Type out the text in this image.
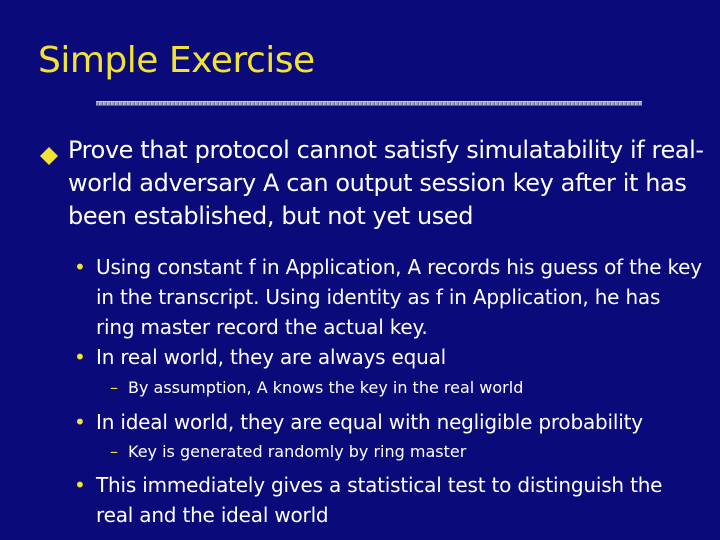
Simple Exercise
Prove that protocol cannot satisfy simulatability if real-world adversary A can output session key after it has been established, but not yet used
• Using constant f in Application, A records his guess of the key in the transcript. Using identity as f in Application, he has ring master record the actual key.
• In real world, they are always equal
– By assumption, A knows the key in the real world
• In ideal world, they are equal with negligible probability
– Key is generated randomly by ring master
• This immediately gives a statistical test to distinguish the real and the ideal world
